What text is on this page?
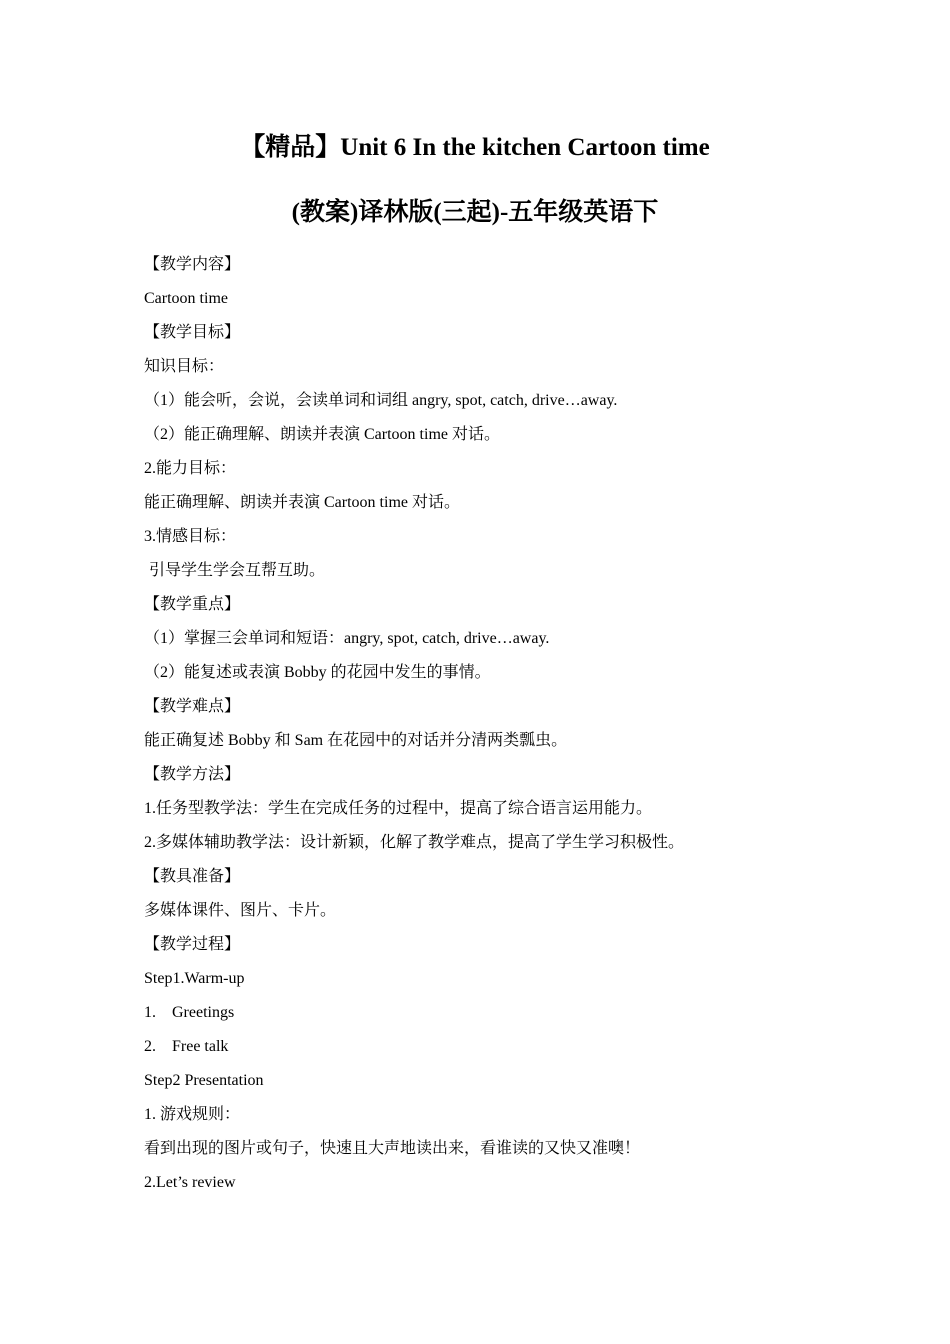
【精品】Unit 6 In the kitchen Cartoon time
(教案)译林版(三起)-五年级英语下

【教学内容】

Cartoon time

【教学目标】

知识目标：

（1）能会听，会说，会读单词和词组 angry, spot, catch, drive…away.

（2）能正确理解、朗读并表演 Cartoon time 对话。

2.能力目标：

能正确理解、朗读并表演 Cartoon time 对话。

3.情感目标：

引导学生学会互帮互助。

【教学重点】

（1）掌握三会单词和短语：angry, spot, catch, drive…away.

（2）能复述或表演 Bobby 的花园中发生的事情。

【教学难点】

能正确复述 Bobby 和 Sam 在花园中的对话并分清两类瓢虫。

【教学方法】

1.任务型教学法：学生在完成任务的过程中，提高了综合语言运用能力。

2.多媒体辅助教学法：设计新颖，化解了教学难点，提高了学生学习积极性。

【教具准备】

多媒体课件、图片、卡片。

【教学过程】

Step1.Warm-up

1. Greetings

2. Free talk

Step2 Presentation

1. 游戏规则：

看到出现的图片或句子，快速且大声地读出来，看谁读的又快又准噢！

2.Let’s review
